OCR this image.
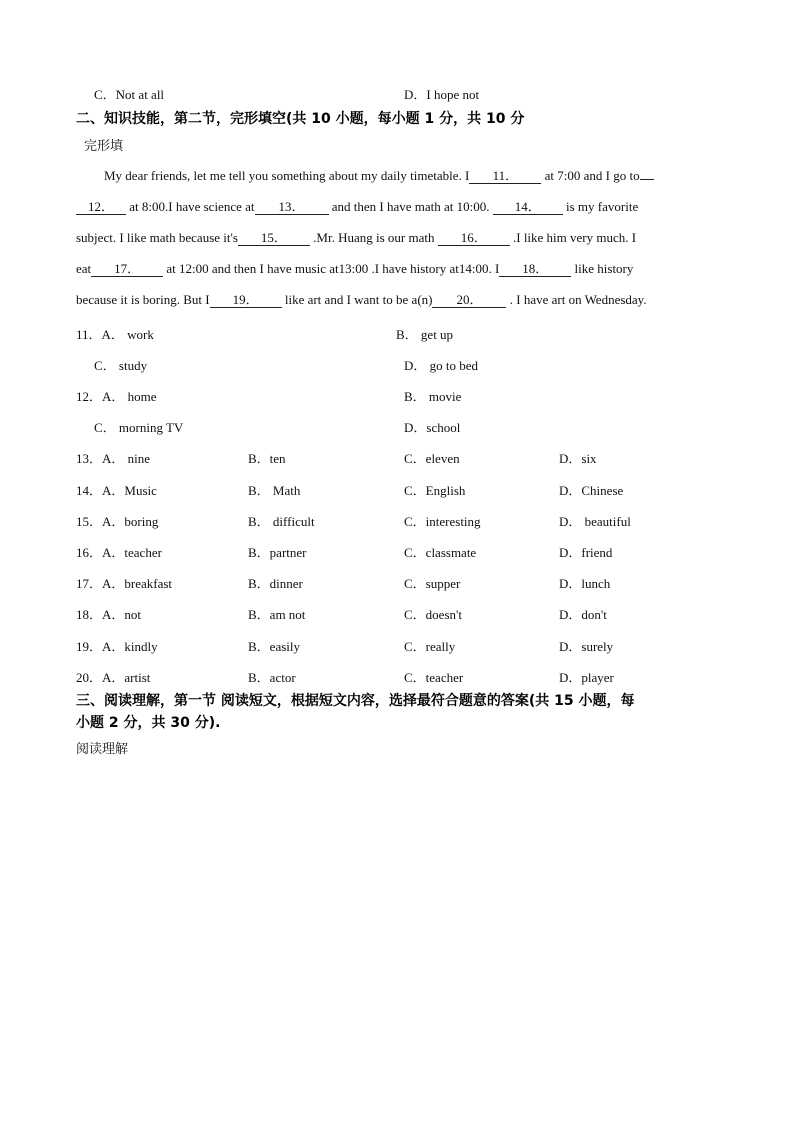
C．Not at all	D．I hope not
二、知识技能，第二节，完形填空(共 10 小题，每小题 1 分，共 10 分
完形填
My dear friends, let me tell you something about my daily timetable. I 11． at 7:00 and I go to
12． at 8:00.I have science at 13． and then I have math at 10:00. 14． is my favorite
subject. I like math because it's 15． .Mr. Huang is our math 16． .I like him very much. I
eat 17． at 12:00 and then I have music at13:00 .I have history at14:00. I 18． like history
because it is boring. But I 19． like art and I want to be a(n) 20． . I have art on Wednesday.
11．A． work	B． get up
C． study	D． go to bed
12．A． home	B． movie
C． morning TV	D．school
13．A． nine	B．ten	C．eleven	D．six
14．A．Music	B． Math	C．English	D．Chinese
15．A．boring	B． difficult	C．interesting	D． beautiful
16．A．teacher	B．partner	C．classmate	D．friend
17．A．breakfast	B．dinner	C．supper	D．lunch
18．A．not	B．am not	C．doesn't	D．don't
19．A．kindly	B．easily	C．really	D．surely
20．A．artist	B．actor	C．teacher	D．player
三、阅读理解，第一节 阅读短文，根据短文内容，选择最符合题意的答案(共 15 小题，每
小题 2 分，共 30 分).
阅读理解
